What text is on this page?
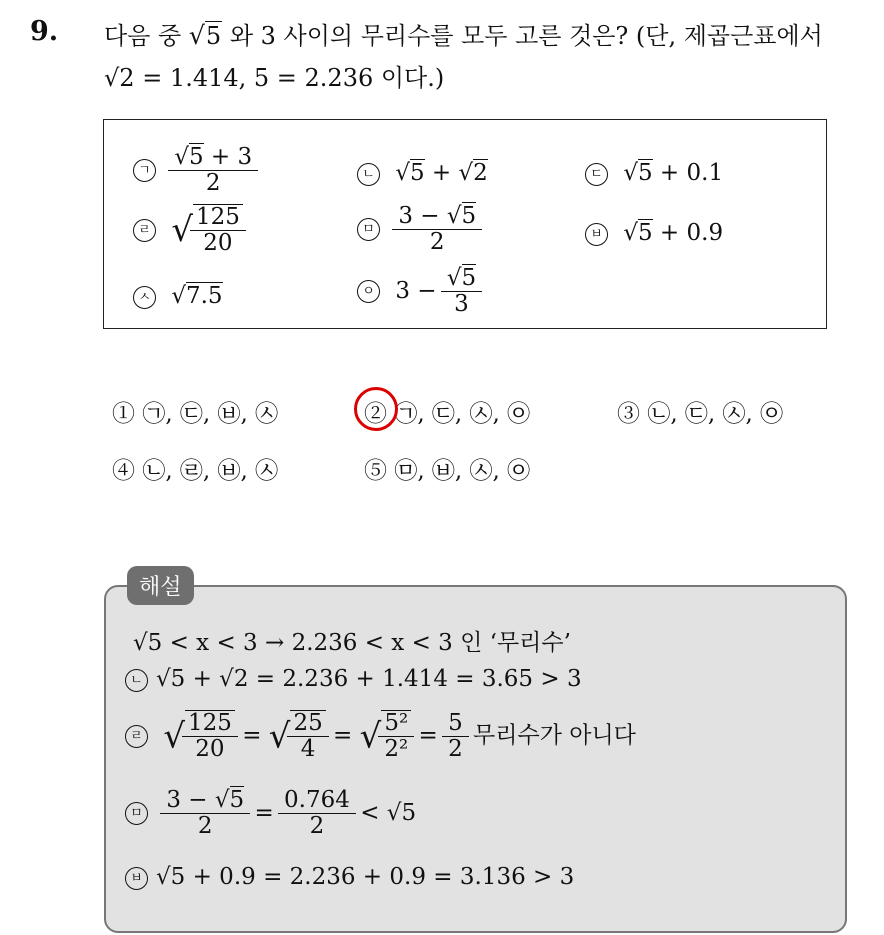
9. 다음 중 √5 와 3 사이의 무리수를 모두 고른 것은? (단, 제곱근표에서
√2 = 1.414, 5 = 2.236 이다.)
ㄱ $\frac{√5 + 3}{2}$	ㄴ √5 + √2	ㄷ √5 + 0.1
ㄹ √ $\frac{125}{20}$	ㅁ $\frac{3 - √5}{2}$	ㅂ √5 + 0.9
ㅅ √7.5	ㅇ $3 - \frac{√5}{3}$
① ㉠, ㉢, ㉥, ㉦	② ㉠, ㉢, ㉦, ㉧	③ ㉡, ㉢, ㉦, ㉧
④ ㉡, ㉣, ㉥, ㉦	⑤ ㉤, ㉥, ㉦, ㉧
해설
√5 < x < 3 → 2.236 < x < 3 인 ‘무리수’
ㄴ √5 + √2 = 2.236 + 1.414 = 3.65 > 3
ㄹ √ $\frac{125}{20}$ = √ $\frac{25}{4}$ = √ $\frac{\text{5²}}{\text{2²}} = \frac{5}{2}$ 무리수가 아니다
ㅁ $\frac{3 - √5}{2} = \frac{0.764}{2} < √5$
ㅂ √5 + 0.9 = 2.236 + 0.9 = 3.136 > 3
